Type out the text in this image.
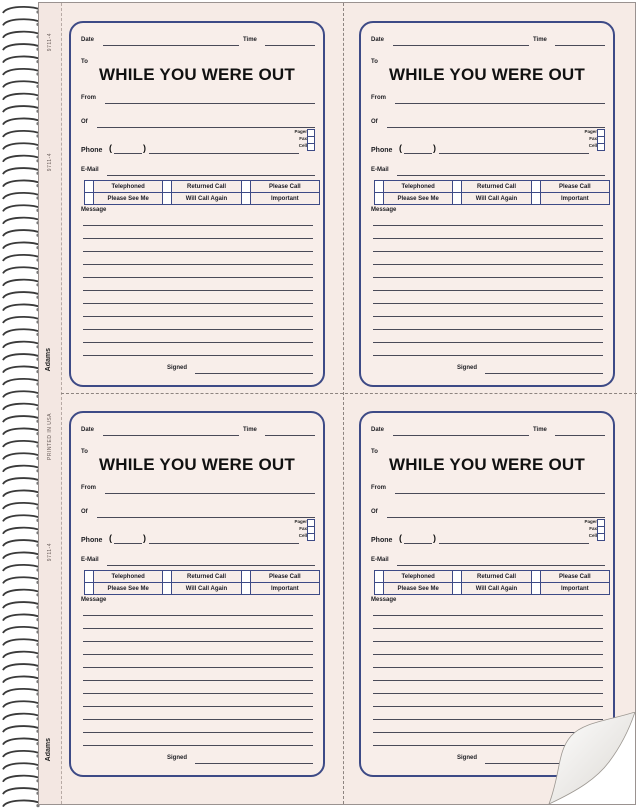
9711-4
9711-4
Adams
PRINTED IN USA
9711-4
Adams
Date	Time
To
WHILE YOU WERE OUT
From
Of
Pager
Fax
Cell
Phone (	)
E-Mail
	Telephoned		Returned Call		Please Call
	Please See Me		Will Call Again		Important
Message
Signed
Date	Time
To
WHILE YOU WERE OUT
From
Of
Pager
Fax
Cell
Phone (	)
E-Mail
	Telephoned		Returned Call		Please Call
	Please See Me		Will Call Again		Important
Message
Signed
Date	Time
To
WHILE YOU WERE OUT
From
Of
Pager
Fax
Cell
Phone (	)
E-Mail
	Telephoned		Returned Call		Please Call
	Please See Me		Will Call Again		Important
Message
Signed
Date	Time
To
WHILE YOU WERE OUT
From
Of
Pager
Fax
Cell
Phone (	)
E-Mail
	Telephoned		Returned Call		Please Call
	Please See Me		Will Call Again		Important
Message
Signed
